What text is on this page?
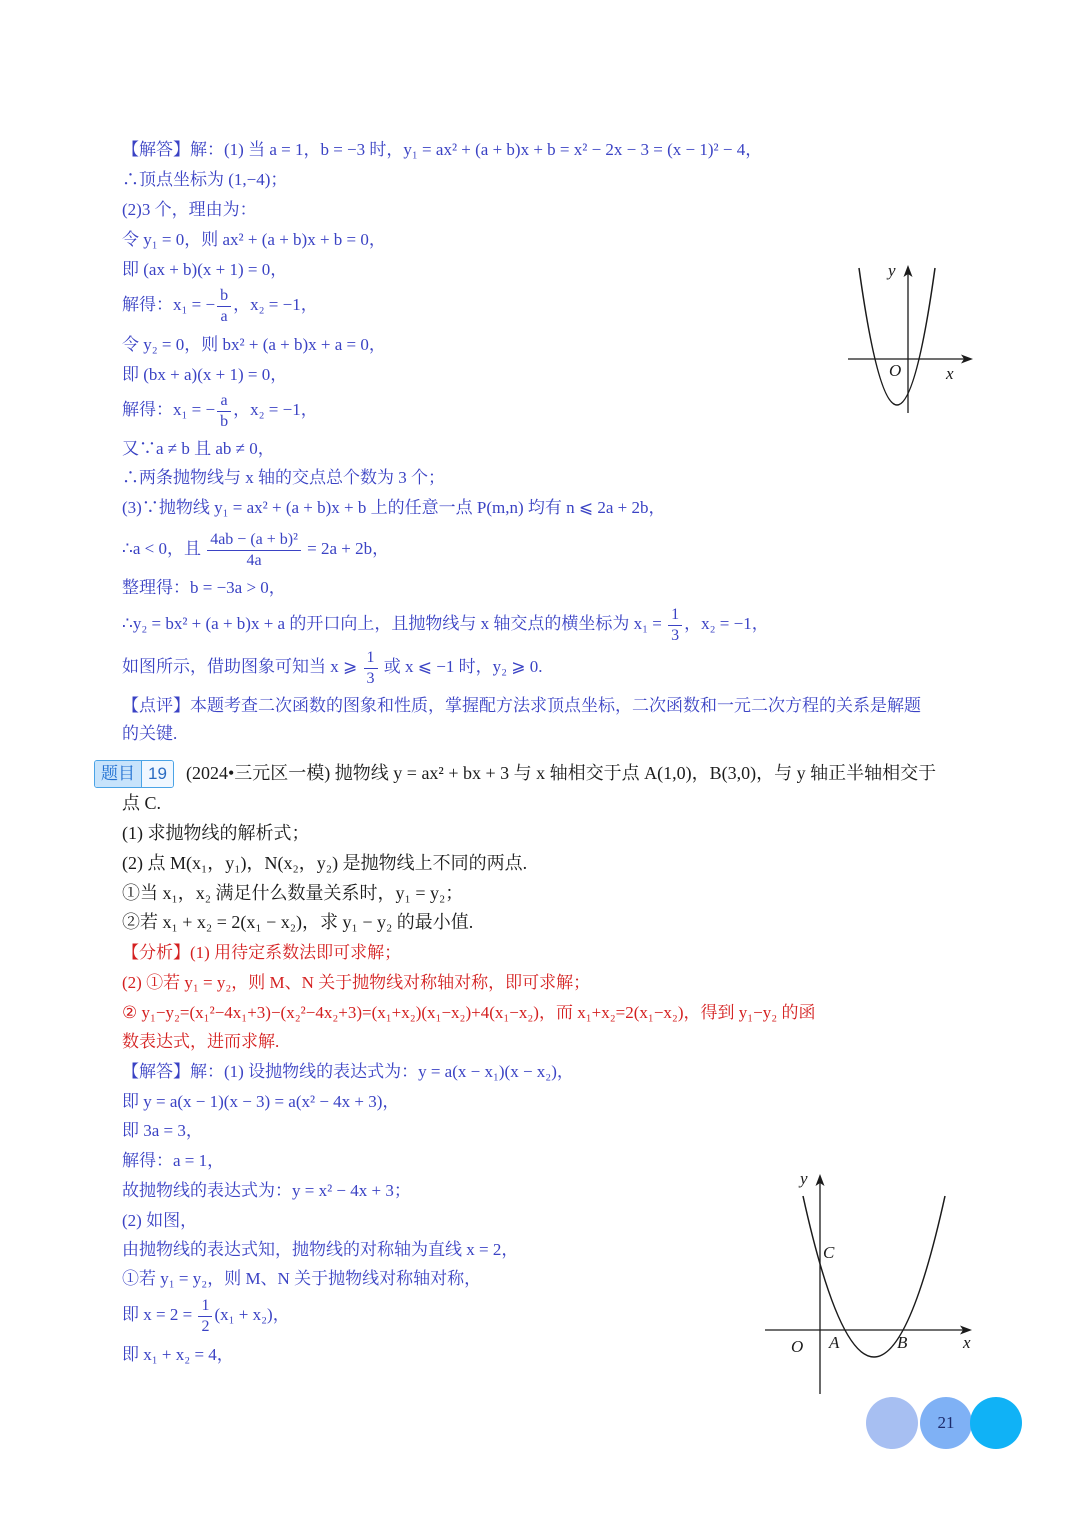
【解答】解：(1) 当 a = 1，b = −3 时，y₁ = ax² + (a + b)x + b = x² − 2x − 3 = (x − 1)² − 4，
∴顶点坐标为 (1,−4)；
(2)3 个，理由为：
令 y₁ = 0，则 ax² + (a + b)x + b = 0，
即 (ax + b)(x + 1) = 0，
解得：x₁ = − $\frac{b}{a}$ ，x₂ = −1，
令 y₂ = 0，则 bx² + (a + b)x + a = 0，
即 (bx + a)(x + 1) = 0，
解得：x₁ = − $\frac{a}{b}$ ，x₂ = −1，
又∵a ≠ b 且 ab ≠ 0，
∴两条抛物线与 x 轴的交点总个数为 3 个；
(3)∵抛物线 y₁ = ax² + (a + b)x + b 上的任意一点 P(m,n) 均有 n ⩽ 2a + 2b，
∴a < 0，且 $\frac{\text{4ab − (a + b)²}}{4a} = 2a + 2b$，
整理得：b = −3a > 0，
∴y₂ = bx² + (a + b)x + a 的开口向上，且抛物线与 x 轴交点的横坐标为 $x_1 = \frac{1}{3}$ ，x₂ = −1，
如图所示，借助图象可知当 x ⩾ $\frac{1}{3}$ 或 x ⩽ −1 时，y₂ ⩾ 0.
【点评】本题考查二次函数的图象和性质，掌握配方法求顶点坐标，二次函数和一元二次方程的关系是解题
的关键.
y
O	x
题目 19	(2024•三元区一模) 抛物线 y = ax² + bx + 3 与 x 轴相交于点 A(1,0)，B(3,0)，与 y 轴正半轴相交于
点 C.
(1) 求抛物线的解析式；
(2) 点 M(x₁，y₁)，N(x₂，y₂) 是抛物线上不同的两点.
①当 x₁，x₂ 满足什么数量关系时，y₁ = y₂；
②若 x₁ + x₂ = 2(x₁ − x₂)，求 y₁ − y₂ 的最小值.
【分析】(1) 用待定系数法即可求解；
(2) ①若 y₁ = y₂，则 M、N 关于抛物线对称轴对称，即可求解；
② y₁−y₂=(x₁²−4x₁+3)−(x₂²−4x₂+3)=(x₁+x₂)(x₁−x₂)+4(x₁−x₂)，而 x₁+x₂=2(x₁−x₂)，得到 y₁−y₂ 的函
数表达式，进而求解.
【解答】解：(1) 设抛物线的表达式为：y = a(x − x₁)(x − x₂)，
即 y = a(x − 1)(x − 3) = a(x² − 4x + 3)，
即 3a = 3，
解得：a = 1，
故抛物线的表达式为：y = x² − 4x + 3；
(2) 如图，
由抛物线的表达式知，抛物线的对称轴为直线 x = 2，
①若 y₁ = y₂，则 M、N 关于抛物线对称轴对称，
即 $x = 2 = \frac{1}{2} (x_1 + x_2)$，
即 x₁ + x₂ = 4，
y
C
O A	B	x
21
